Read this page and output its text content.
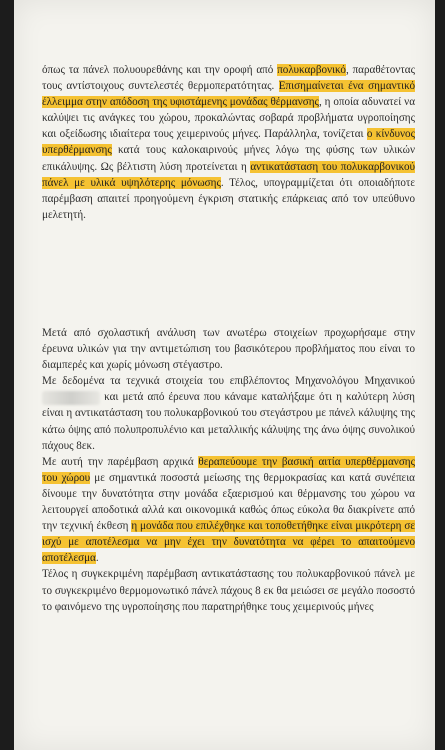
όπως τα πάνελ πολυουρεθάνης και την οροφή από πολυκαρβονικό, παραθέτοντας τους αντίστοιχους συντελεστές θερμοπερατότητας. Επισημαίνεται ένα σημαντικό έλλειμμα στην απόδοση της υφιστάμενης μονάδας θέρμανσης, η οποία αδυνατεί να καλύψει τις ανάγκες του χώρου, προκαλώντας σοβαρά προβλήματα υγροποίησης και οξείδωσης ιδιαίτερα τους χειμερινούς μήνες. Παράλληλα, τονίζεται ο κίνδυνος υπερθέρμανσης κατά τους καλοκαιρινούς μήνες λόγω της φύσης των υλικών επικάλυψης. Ως βέλτιστη λύση προτείνεται η αντικατάσταση του πολυκαρβονικού πάνελ με υλικά υψηλότερης μόνωσης. Τέλος, υπογραμμίζεται ότι οποιαδήποτε παρέμβαση απαιτεί προηγούμενη έγκριση στατικής επάρκειας από τον υπεύθυνο μελετητή.

Μετά από σχολαστική ανάλυση των ανωτέρω στοιχείων προχωρήσαμε στην έρευνα υλικών για την αντιμετώπιση του βασικότερου προβλήματος που είναι το διαμπερές και χωρίς μόνωση στέγαστρο.

Με δεδομένα τα τεχνικά στοιχεία του επιβλέποντος Μηχανολόγου Μηχανικού  και μετά από έρευνα που κάναμε καταλήξαμε ότι η καλύτερη λύση είναι η αντικατάσταση του πολυκαρβονικού του στεγάστρου με πάνελ κάλυψης της κάτω όψης από πολυπροπυλένιο και μεταλλικής κάλυψης της άνω όψης συνολικού πάχους 8εκ.

Με αυτή την παρέμβαση αρχικά θεραπεύουμε την βασική αιτία υπερθέρμανσης του χώρου με σημαντικά ποσοστά μείωσης της θερμοκρασίας και κατά συνέπεια δίνουμε την δυνατότητα στην μονάδα εξαερισμού και θέρμανσης του χώρου να λειτουργεί αποδοτικά αλλά και οικονομικά καθώς όπως εύκολα θα διακρίνετε από την τεχνική έκθεση η μονάδα που επιλέχθηκε και τοποθετήθηκε είναι μικρότερη σε ισχύ με αποτέλεσμα να μην έχει την δυνατότητα να φέρει το απαιτούμενο αποτέλεσμα.

Τέλος η συγκεκριμένη παρέμβαση αντικατάστασης του πολυκαρβονικού πάνελ με το συγκεκριμένο θερμομονωτικό πάνελ πάχους 8 εκ θα μειώσει σε μεγάλο ποσοστό το φαινόμενο της υγροποίησης που παρατηρήθηκε τους χειμερινούς μήνες
